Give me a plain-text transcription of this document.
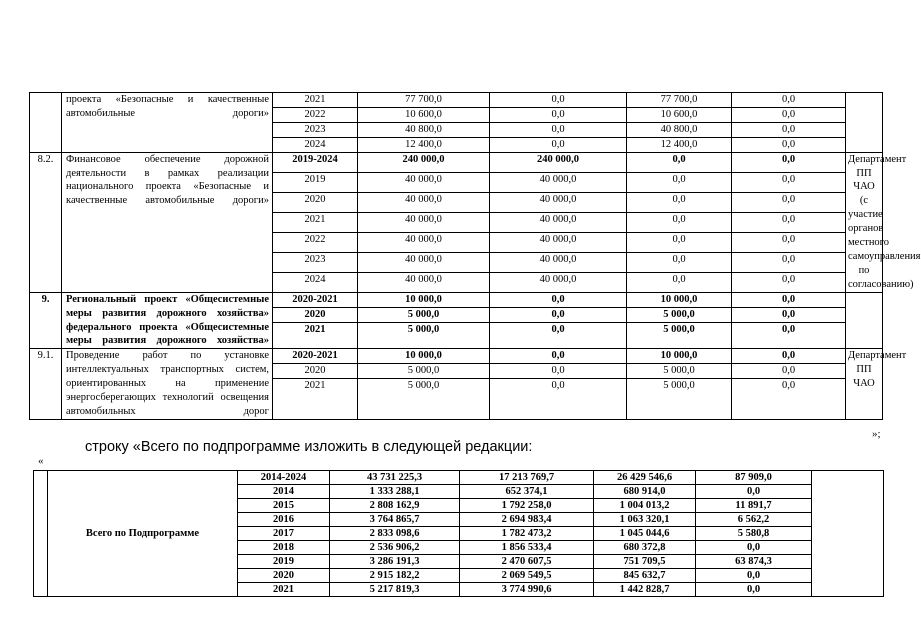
	проекта «Безопасные и качественные автомобильные дороги»	2021	77 700,0	0,0	77 700,0	0,0	
		2022	10 600,0	0,0	10 600,0	0,0	
		2023	40 800,0	0,0	40 800,0	0,0	
		2024	12 400,0	0,0	12 400,0	0,0	
8.2.	Финансовое обеспечение дорожной деятельности в рамках реализации национального проекта «Безопасные и качественные автомобильные дороги»	2019-2024	240 000,0	240 000,0	0,0	0,0	Департамент ПП ЧАО (с участие органов местного самоуправления по согласованию)
		2019	40 000,0	40 000,0	0,0	0,0	
		2020	40 000,0	40 000,0	0,0	0,0	
		2021	40 000,0	40 000,0	0,0	0,0	
		2022	40 000,0	40 000,0	0,0	0,0	
		2023	40 000,0	40 000,0	0,0	0,0	
		2024	40 000,0	40 000,0	0,0	0,0	
9.	Региональный проект «Общесистемные меры развития дорожного хозяйства» федерального проекта «Общесистемные меры развития дорожного хозяйства»	2020-2021	10 000,0	0,0	10 000,0	0,0	
		2020	5 000,0	0,0	5 000,0	0,0	
		2021	5 000,0	0,0	5 000,0	0,0	

9.1.	Проведение работ по установке интеллектуальных транспортных систем, ориентированных на применение энергосберегающих технологий освещения автомобильных дорог	2020-2021	10 000,0	0,0	10 000,0	0,0	Департамент ПП ЧАО
		2020	5 000,0	0,0	5 000,0	0,0	
		2021	5 000,0	0,0	5 000,0	0,0	

»;
строку «Всего по подпрограмме изложить в следующей редакции:
«
	Всего по Подпрограмме	2014-2024	43 731 225,3	17 213 769,7	26 429 546,6	87 909,0	
		2014	1 333 288,1	652 374,1	680 914,0	0,0	
		2015	2 808 162,9	1 792 258,0	1 004 013,2	11 891,7	
		2016	3 764 865,7	2 694 983,4	1 063 320,1	6 562,2	
		2017	2 833 098,6	1 782 473,2	1 045 044,6	5 580,8	
		2018	2 536 906,2	1 856 533,4	680 372,8	0,0	
		2019	3 286 191,3	2 470 607,5	751 709,5	63 874,3	
		2020	2 915 182,2	2 069 549,5	845 632,7	0,0	
		2021	5 217 819,3	3 774 990,6	1 442 828,7	0,0	
